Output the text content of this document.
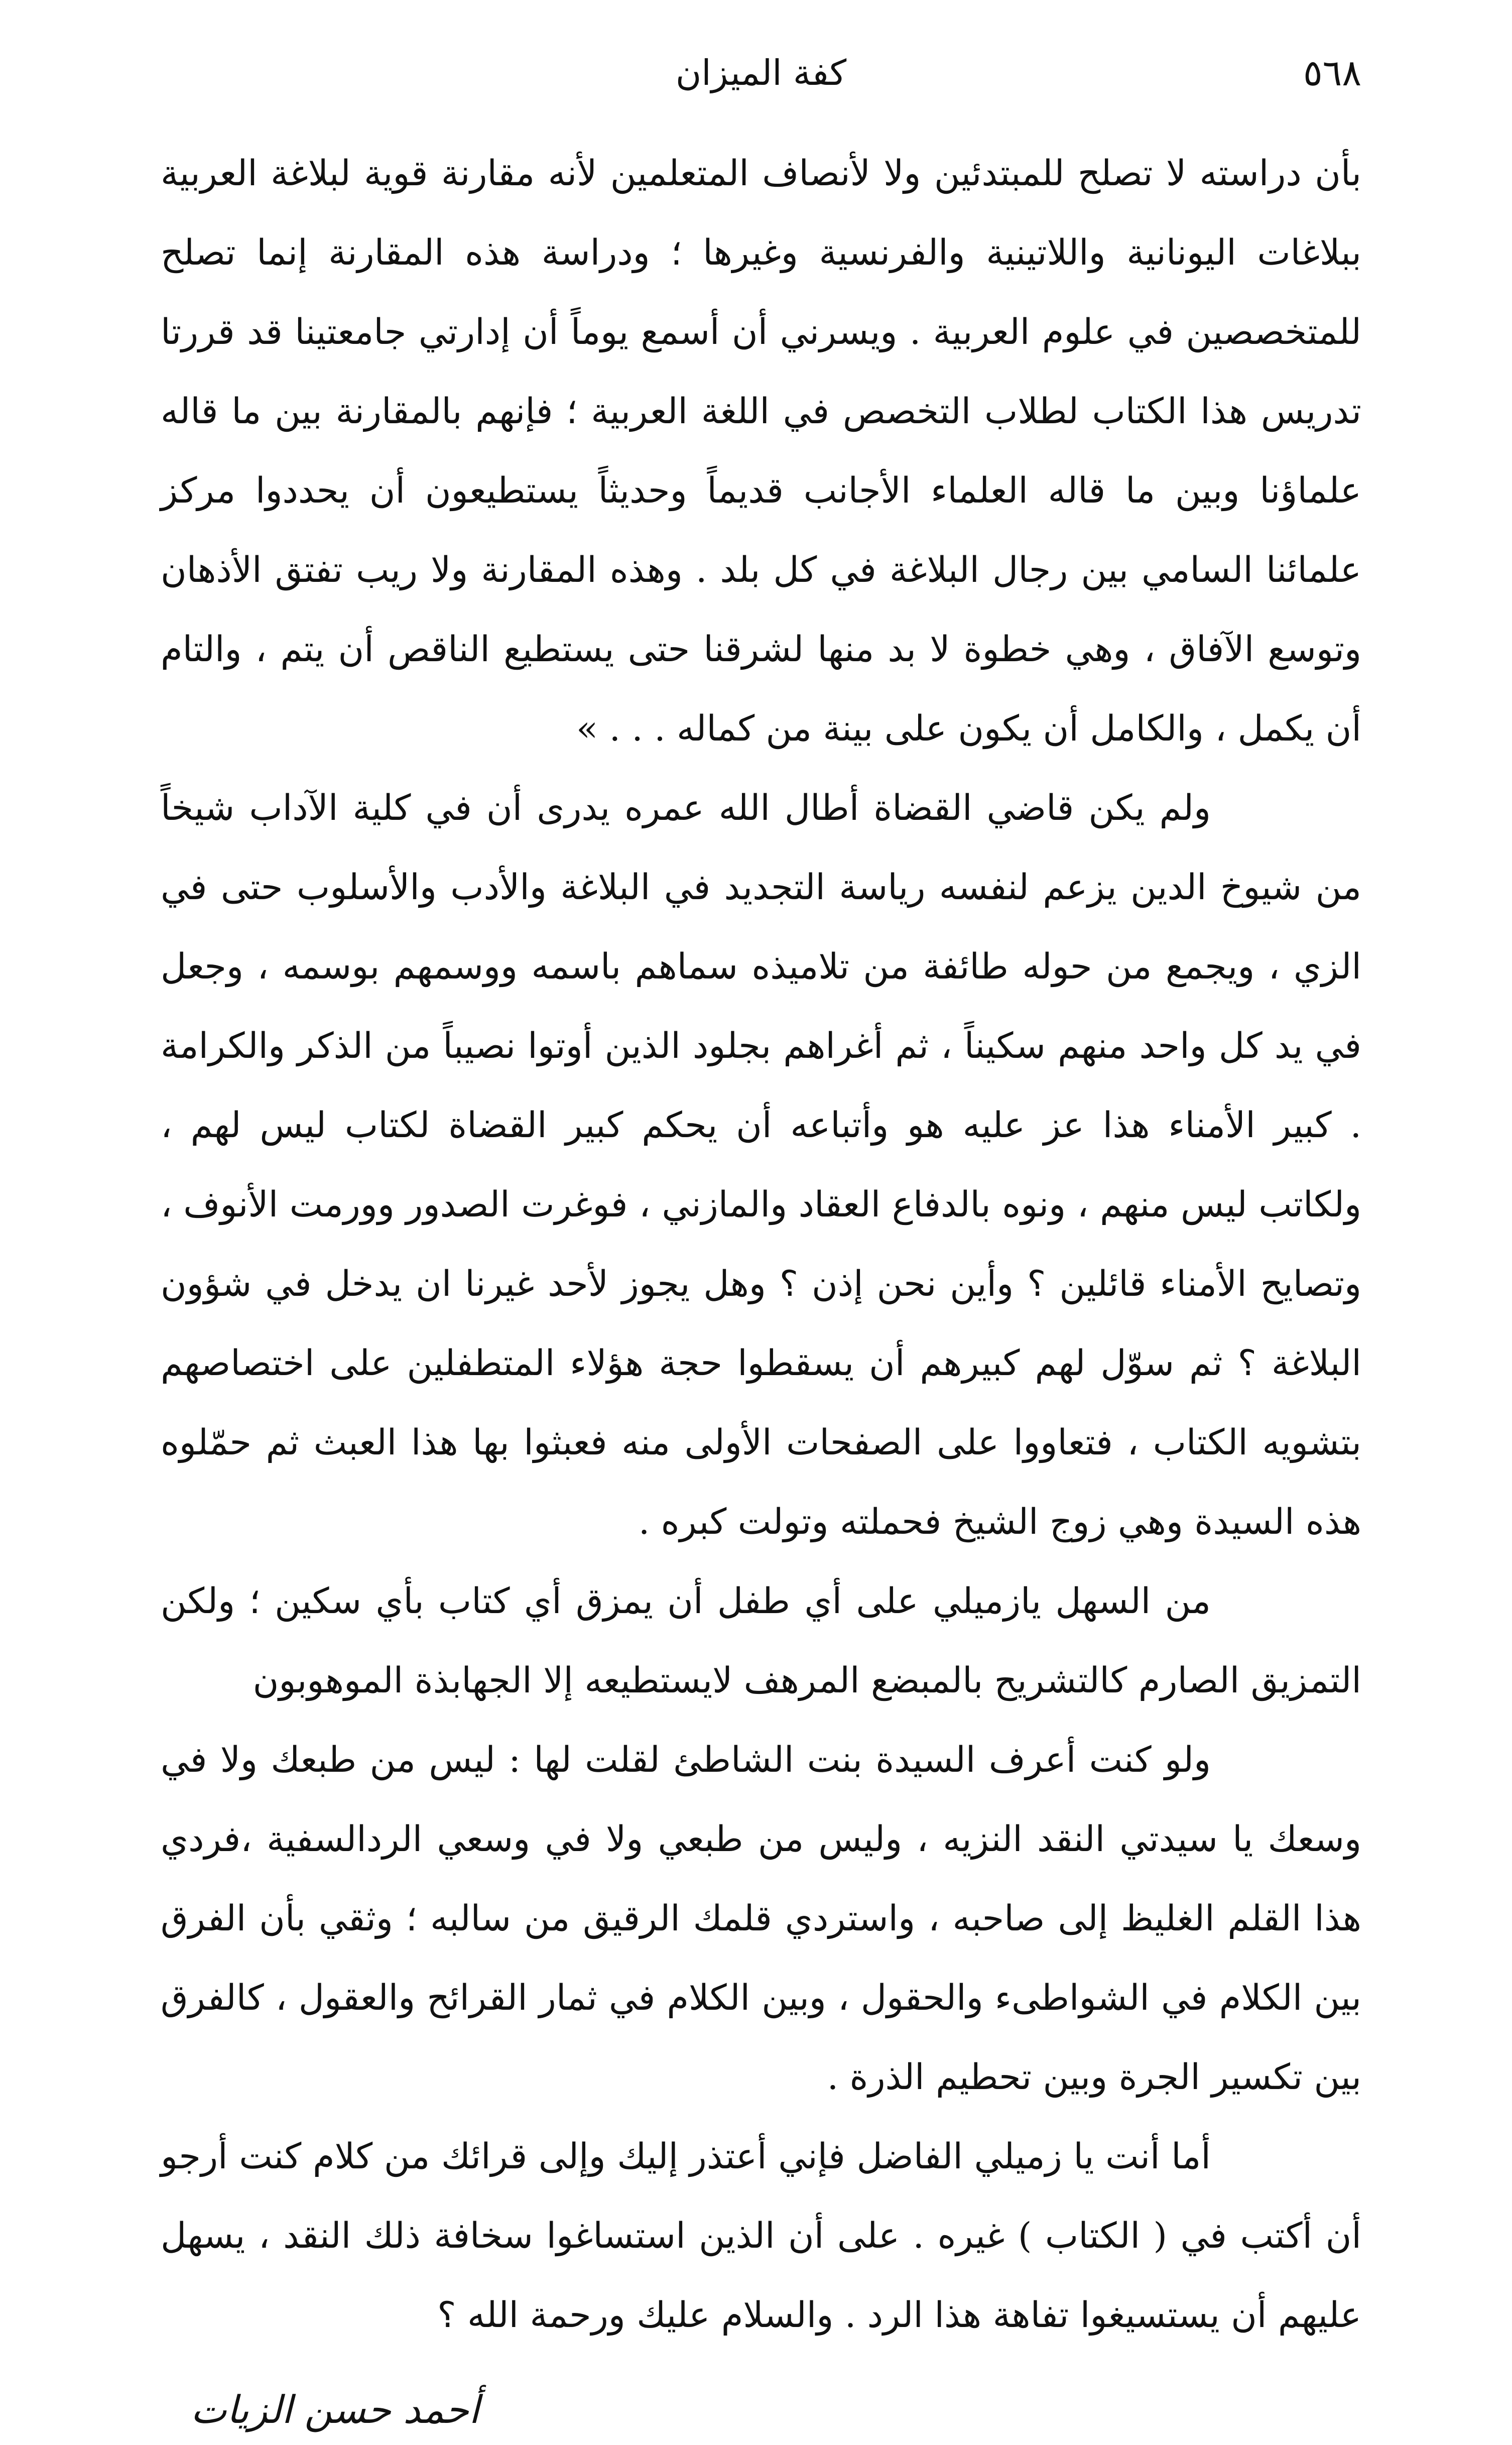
٥٦٨
كفة الميزان

بأن دراسته لا تصلح للمبتدئين ولا لأنصاف المتعلمين لأنه مقارنة قوية لبلاغة العربية ببلاغات اليونانية واللاتينية والفرنسية وغيرها ؛ ودراسة هذه المقارنة إنما تصلح للمتخصصين في علوم العربية . ويسرني أن أسمع يوماً أن إدارتي جامعتينا قد قررتا تدريس هذا الكتاب لطلاب التخصص في اللغة العربية ؛ فإنهم بالمقارنة بين ما قاله علماؤنا وبين ما قاله العلماء الأجانب قديماً وحديثاً يستطيعون أن يحددوا مركز علمائنا السامي بين رجال البلاغة في كل بلد . وهذه المقارنة ولا ريب تفتق الأذهان وتوسع الآفاق ، وهي خطوة لا بد منها لشرقنا حتى يستطيع الناقص أن يتم ، والتام أن يكمل ، والكامل أن يكون على بينة من كماله . . . »

ولم يكن قاضي القضاة أطال الله عمره يدرى أن في كلية الآداب شيخاً من شيوخ الدين يزعم لنفسه رياسة التجديد في البلاغة والأدب والأسلوب حتى في الزي ، ويجمع من حوله طائفة من تلاميذه سماهم باسمه ووسمهم بوسمه ، وجعل في يد كل واحد منهم سكيناً ، ثم أغراهم بجلود الذين أوتوا نصيباً من الذكر والكرامة . كبير الأمناء هذا عز عليه هو وأتباعه أن يحكم كبير القضاة لكتاب ليس لهم ، ولكاتب ليس منهم ، ونوه بالدفاع العقاد والمازني ، فوغرت الصدور وورمت الأنوف ، وتصايح الأمناء قائلين ؟ وأين نحن إذن ؟ وهل يجوز لأحد غيرنا ان يدخل في شؤون البلاغة ؟ ثم سوّل لهم كبيرهم أن يسقطوا حجة هؤلاء المتطفلين على اختصاصهم بتشويه الكتاب ، فتعاووا على الصفحات الأولى منه فعبثوا بها هذا العبث ثم حمّلوه هذه السيدة وهي زوج الشيخ فحملته وتولت كبره .

من السهل يازميلي على أي طفل أن يمزق أي كتاب بأي سكين ؛ ولكن التمزيق الصارم كالتشريح بالمبضع المرهف لايستطيعه إلا الجهابذة الموهوبون

ولو كنت أعرف السيدة بنت الشاطئ لقلت لها : ليس من طبعك ولا في وسعك يا سيدتي النقد النزيه ، وليس من طبعي ولا في وسعي الردالسفية ،فردي هذا القلم الغليظ إلى صاحبه ، واستردي قلمك الرقيق من سالبه ؛ وثقي بأن الفرق بين الكلام في الشواطىء والحقول ، وبين الكلام في ثمار القرائح والعقول ، كالفرق بين تكسير الجرة وبين تحطيم الذرة .

أما أنت يا زميلي الفاضل فإني أعتذر إليك وإلى قرائك من كلام كنت أرجو أن أكتب في ( الكتاب ) غيره . على أن الذين استساغوا سخافة ذلك النقد ، يسهل عليهم أن يستسيغوا تفاهة هذا الرد . والسلام عليك ورحمة الله ؟

أحمد حسن الزيات
